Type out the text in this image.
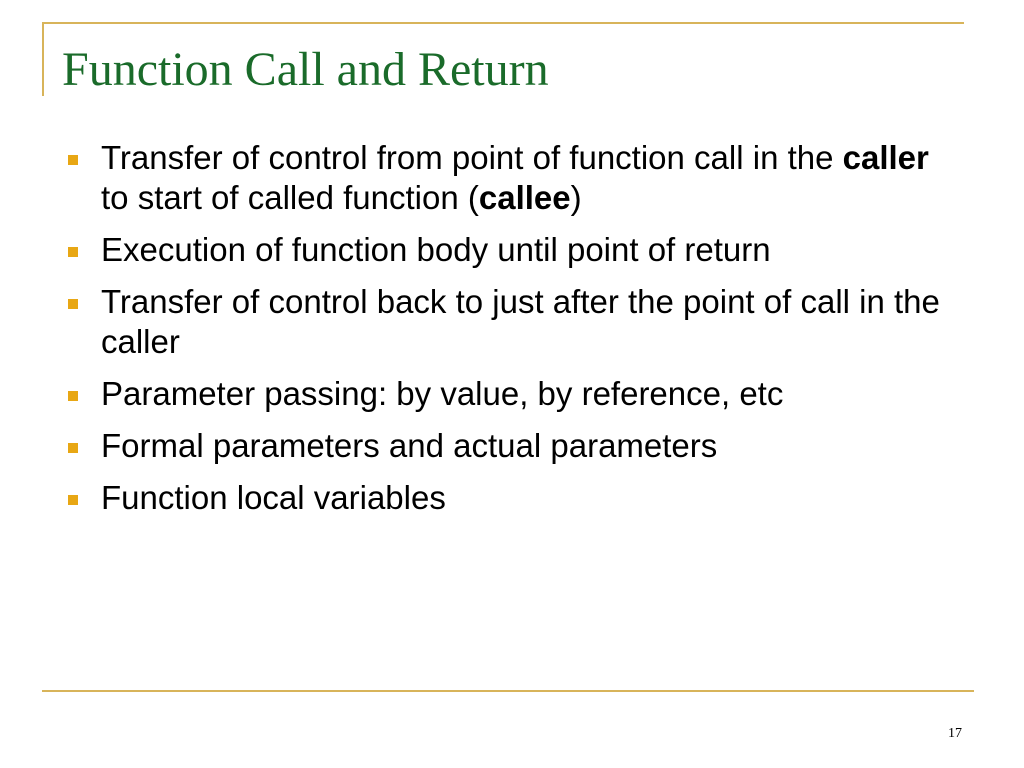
Function Call and Return
Transfer of control from point of function call in the caller to start of called function (callee)
Execution of function body until point of return
Transfer of control back to just after the point of call in the caller
Parameter passing: by value, by reference, etc
Formal parameters and actual parameters
Function local variables
17
